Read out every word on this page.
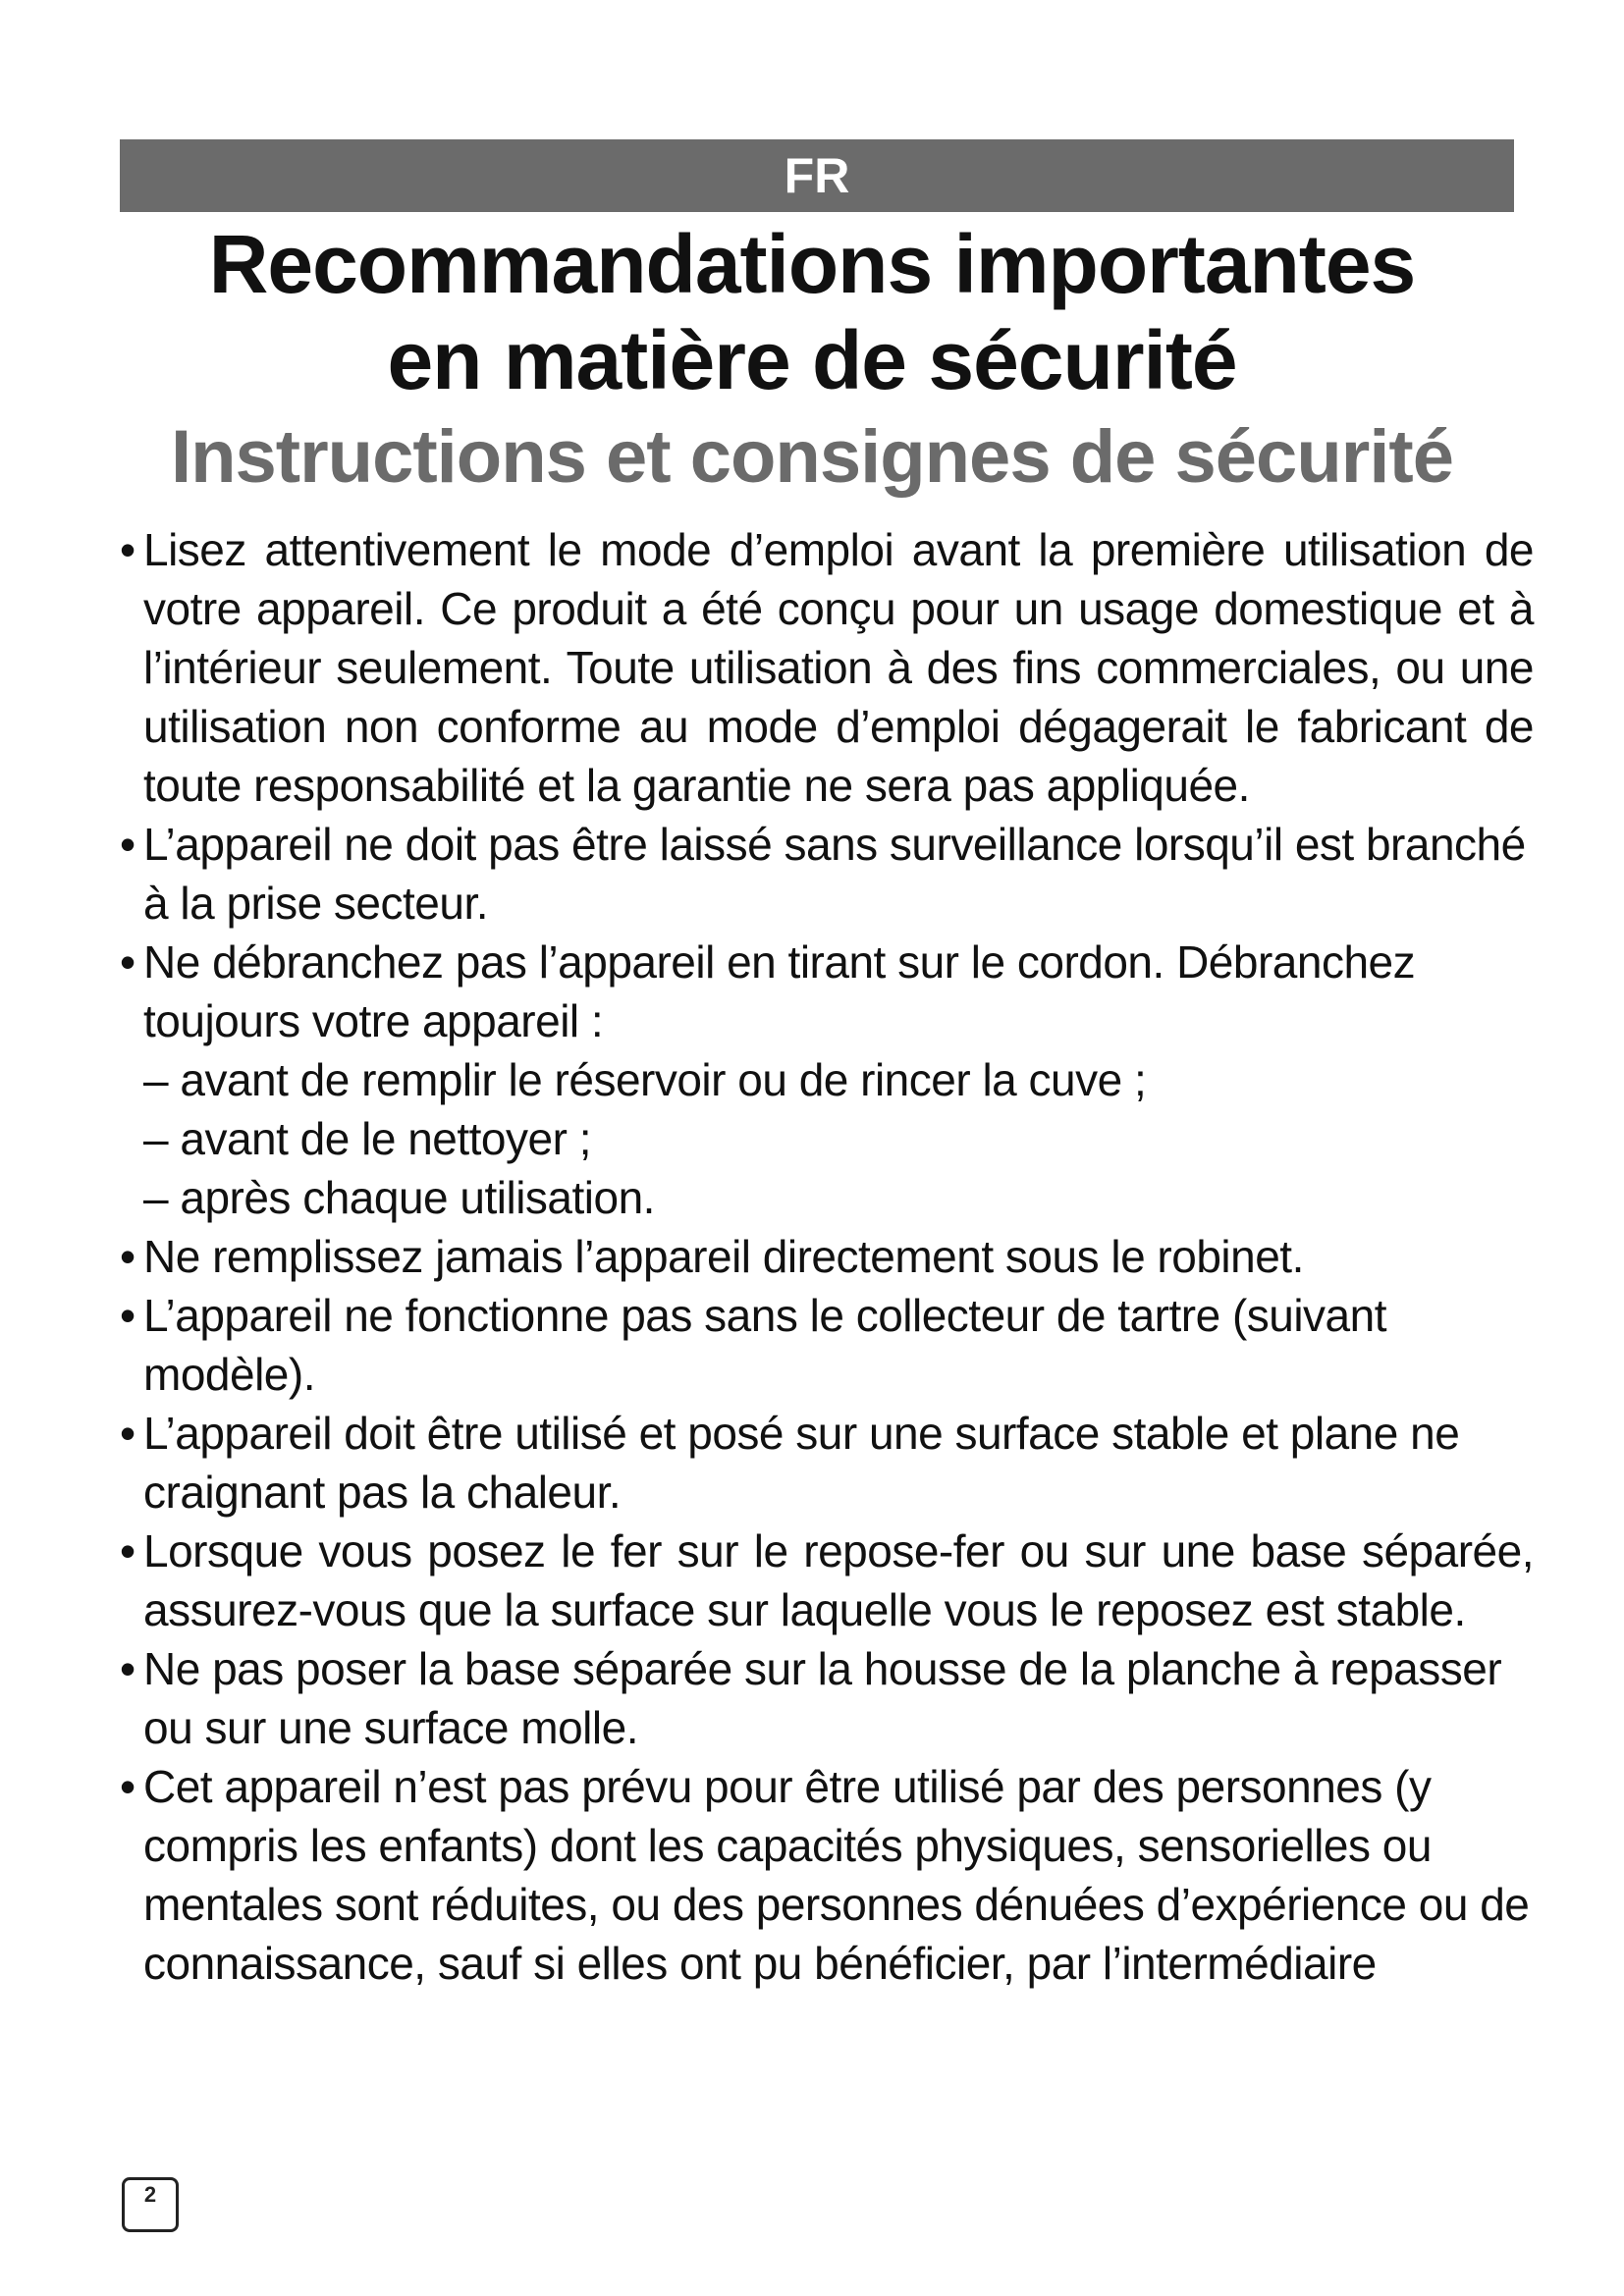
FR
Recommandations importantes
en matière de sécurité
Instructions et consignes de sécurité
• Lisez attentivement le mode d’emploi avant la première utilisation de votre appareil. Ce produit a été conçu pour un usage domestique et à l’intérieur seulement. Toute utilisation à des fins commerciales, ou une utilisation non conforme au mode d’emploi dégagerait le fabricant de toute responsabilité et la garantie ne sera pas appliquée.
• L’appareil ne doit pas être laissé sans surveillance lorsqu’il est branché à la prise secteur.
• Ne débranchez pas l’appareil en tirant sur le cordon. Débranchez toujours votre appareil :
– avant de remplir le réservoir ou de rincer la cuve ;
– avant de le nettoyer ;
– après chaque utilisation.
• Ne remplissez jamais l’appareil directement sous le robinet.
• L’appareil ne fonctionne pas sans le collecteur de tartre (suivant modèle).
• L’appareil doit être utilisé et posé sur une surface stable et plane ne craignant pas la chaleur.
• Lorsque vous posez le fer sur le repose-fer ou sur une base séparée, assurez-vous que la surface sur laquelle vous le reposez est stable.
• Ne pas poser la base séparée sur la housse de la planche à repasser ou sur une surface molle.
• Cet appareil n’est pas prévu pour être utilisé par des personnes (y compris les enfants) dont les capacités physiques, sensorielles ou mentales sont réduites, ou des personnes dénuées d’expérience ou de connaissance, sauf si elles ont pu bénéficier, par l’intermédiaire
2
